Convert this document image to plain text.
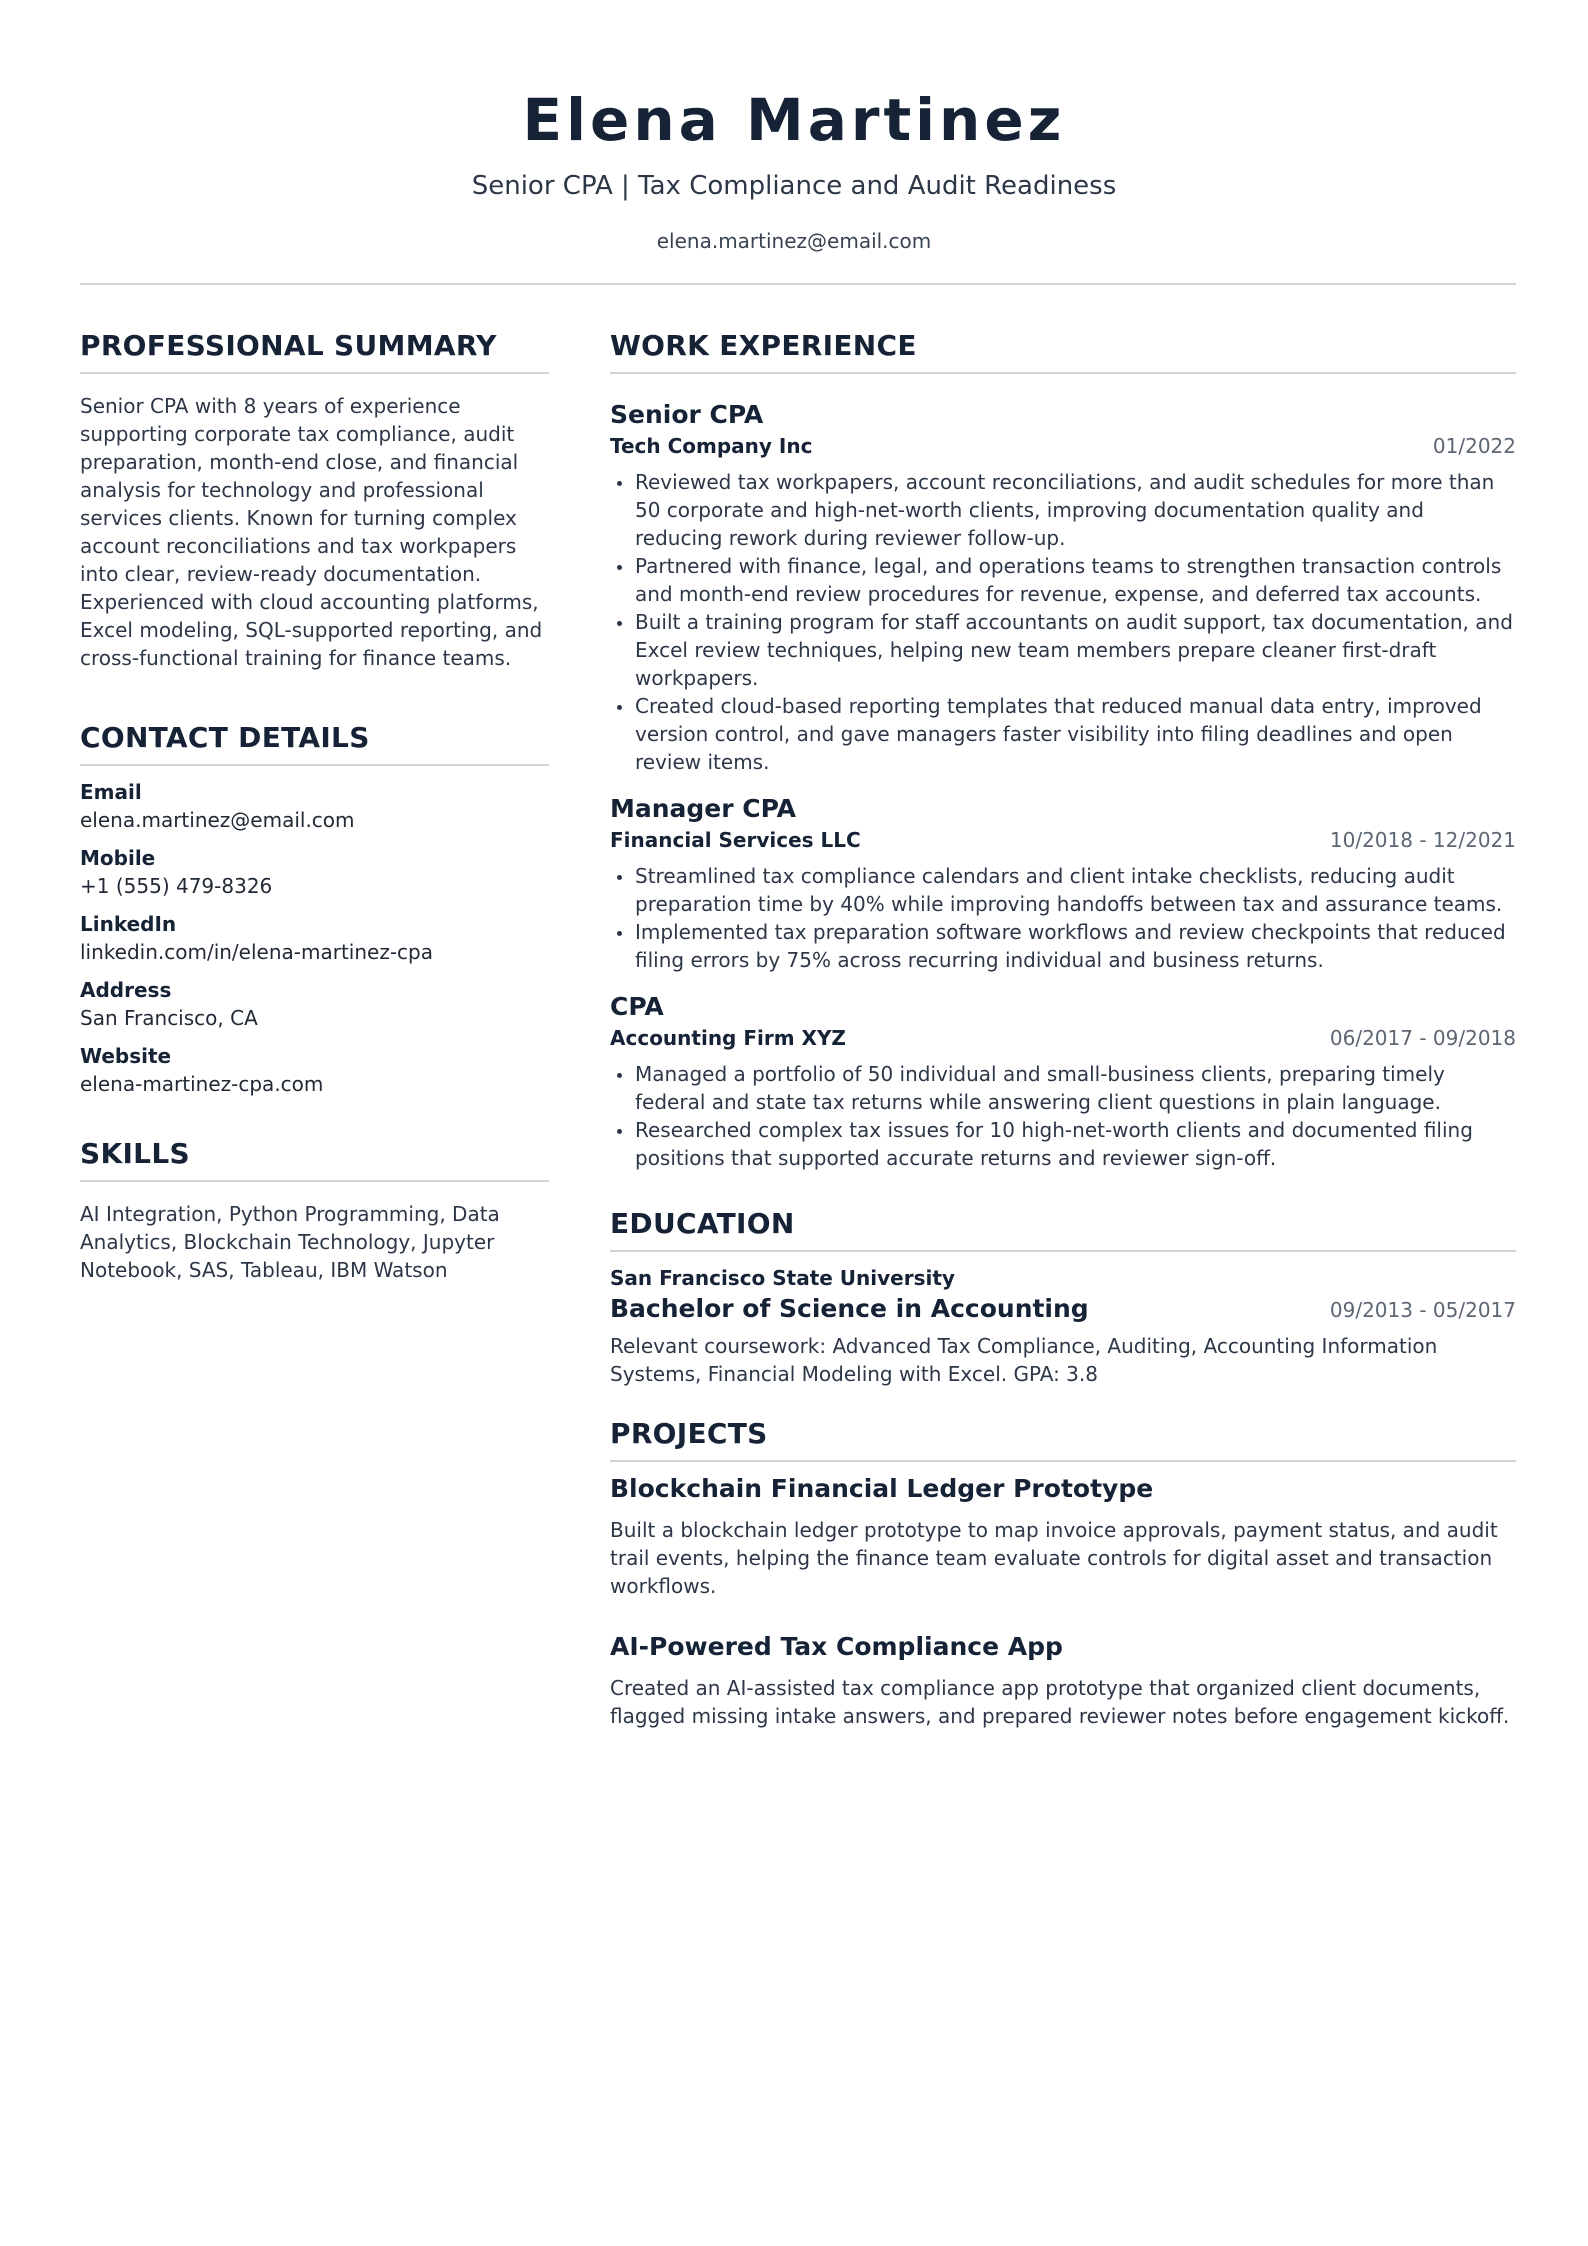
Elena Martinez
Senior CPA | Tax Compliance and Audit Readiness
elena.martinez@email.com
PROFESSIONAL SUMMARY
Senior CPA with 8 years of experience supporting corporate tax compliance, audit preparation, month-end close, and financial analysis for technology and professional services clients. Known for turning complex account reconciliations and tax workpapers into clear, review-ready documentation. Experienced with cloud accounting platforms, Excel modeling, SQL-supported reporting, and cross-functional training for finance teams.
CONTACT DETAILS
Email
elena.martinez@email.com
Mobile
+1 (555) 479-8326
LinkedIn
linkedin.com/in/elena-martinez-cpa
Address
San Francisco, CA
Website
elena-martinez-cpa.com
SKILLS
AI Integration, Python Programming, Data Analytics, Blockchain Technology, Jupyter Notebook, SAS, Tableau, IBM Watson
WORK EXPERIENCE
Senior CPA
Tech Company Inc	01/2022
Reviewed tax workpapers, account reconciliations, and audit schedules for more than 50 corporate and high-net-worth clients, improving documentation quality and reducing rework during reviewer follow-up.
Partnered with finance, legal, and operations teams to strengthen transaction controls and month-end review procedures for revenue, expense, and deferred tax accounts.
Built a training program for staff accountants on audit support, tax documentation, and Excel review techniques, helping new team members prepare cleaner first-draft workpapers.
Created cloud-based reporting templates that reduced manual data entry, improved version control, and gave managers faster visibility into filing deadlines and open review items.
Manager CPA
Financial Services LLC	10/2018 - 12/2021
Streamlined tax compliance calendars and client intake checklists, reducing audit preparation time by 40% while improving handoffs between tax and assurance teams.
Implemented tax preparation software workflows and review checkpoints that reduced filing errors by 75% across recurring individual and business returns.
CPA
Accounting Firm XYZ	06/2017 - 09/2018
Managed a portfolio of 50 individual and small-business clients, preparing timely federal and state tax returns while answering client questions in plain language.
Researched complex tax issues for 10 high-net-worth clients and documented filing positions that supported accurate returns and reviewer sign-off.
EDUCATION
San Francisco State University
Bachelor of Science in Accounting	09/2013 - 05/2017
Relevant coursework: Advanced Tax Compliance, Auditing, Accounting Information Systems, Financial Modeling with Excel. GPA: 3.8
PROJECTS
Blockchain Financial Ledger Prototype
Built a blockchain ledger prototype to map invoice approvals, payment status, and audit trail events, helping the finance team evaluate controls for digital asset and transaction workflows.
AI-Powered Tax Compliance App
Created an AI-assisted tax compliance app prototype that organized client documents, flagged missing intake answers, and prepared reviewer notes before engagement kickoff.
